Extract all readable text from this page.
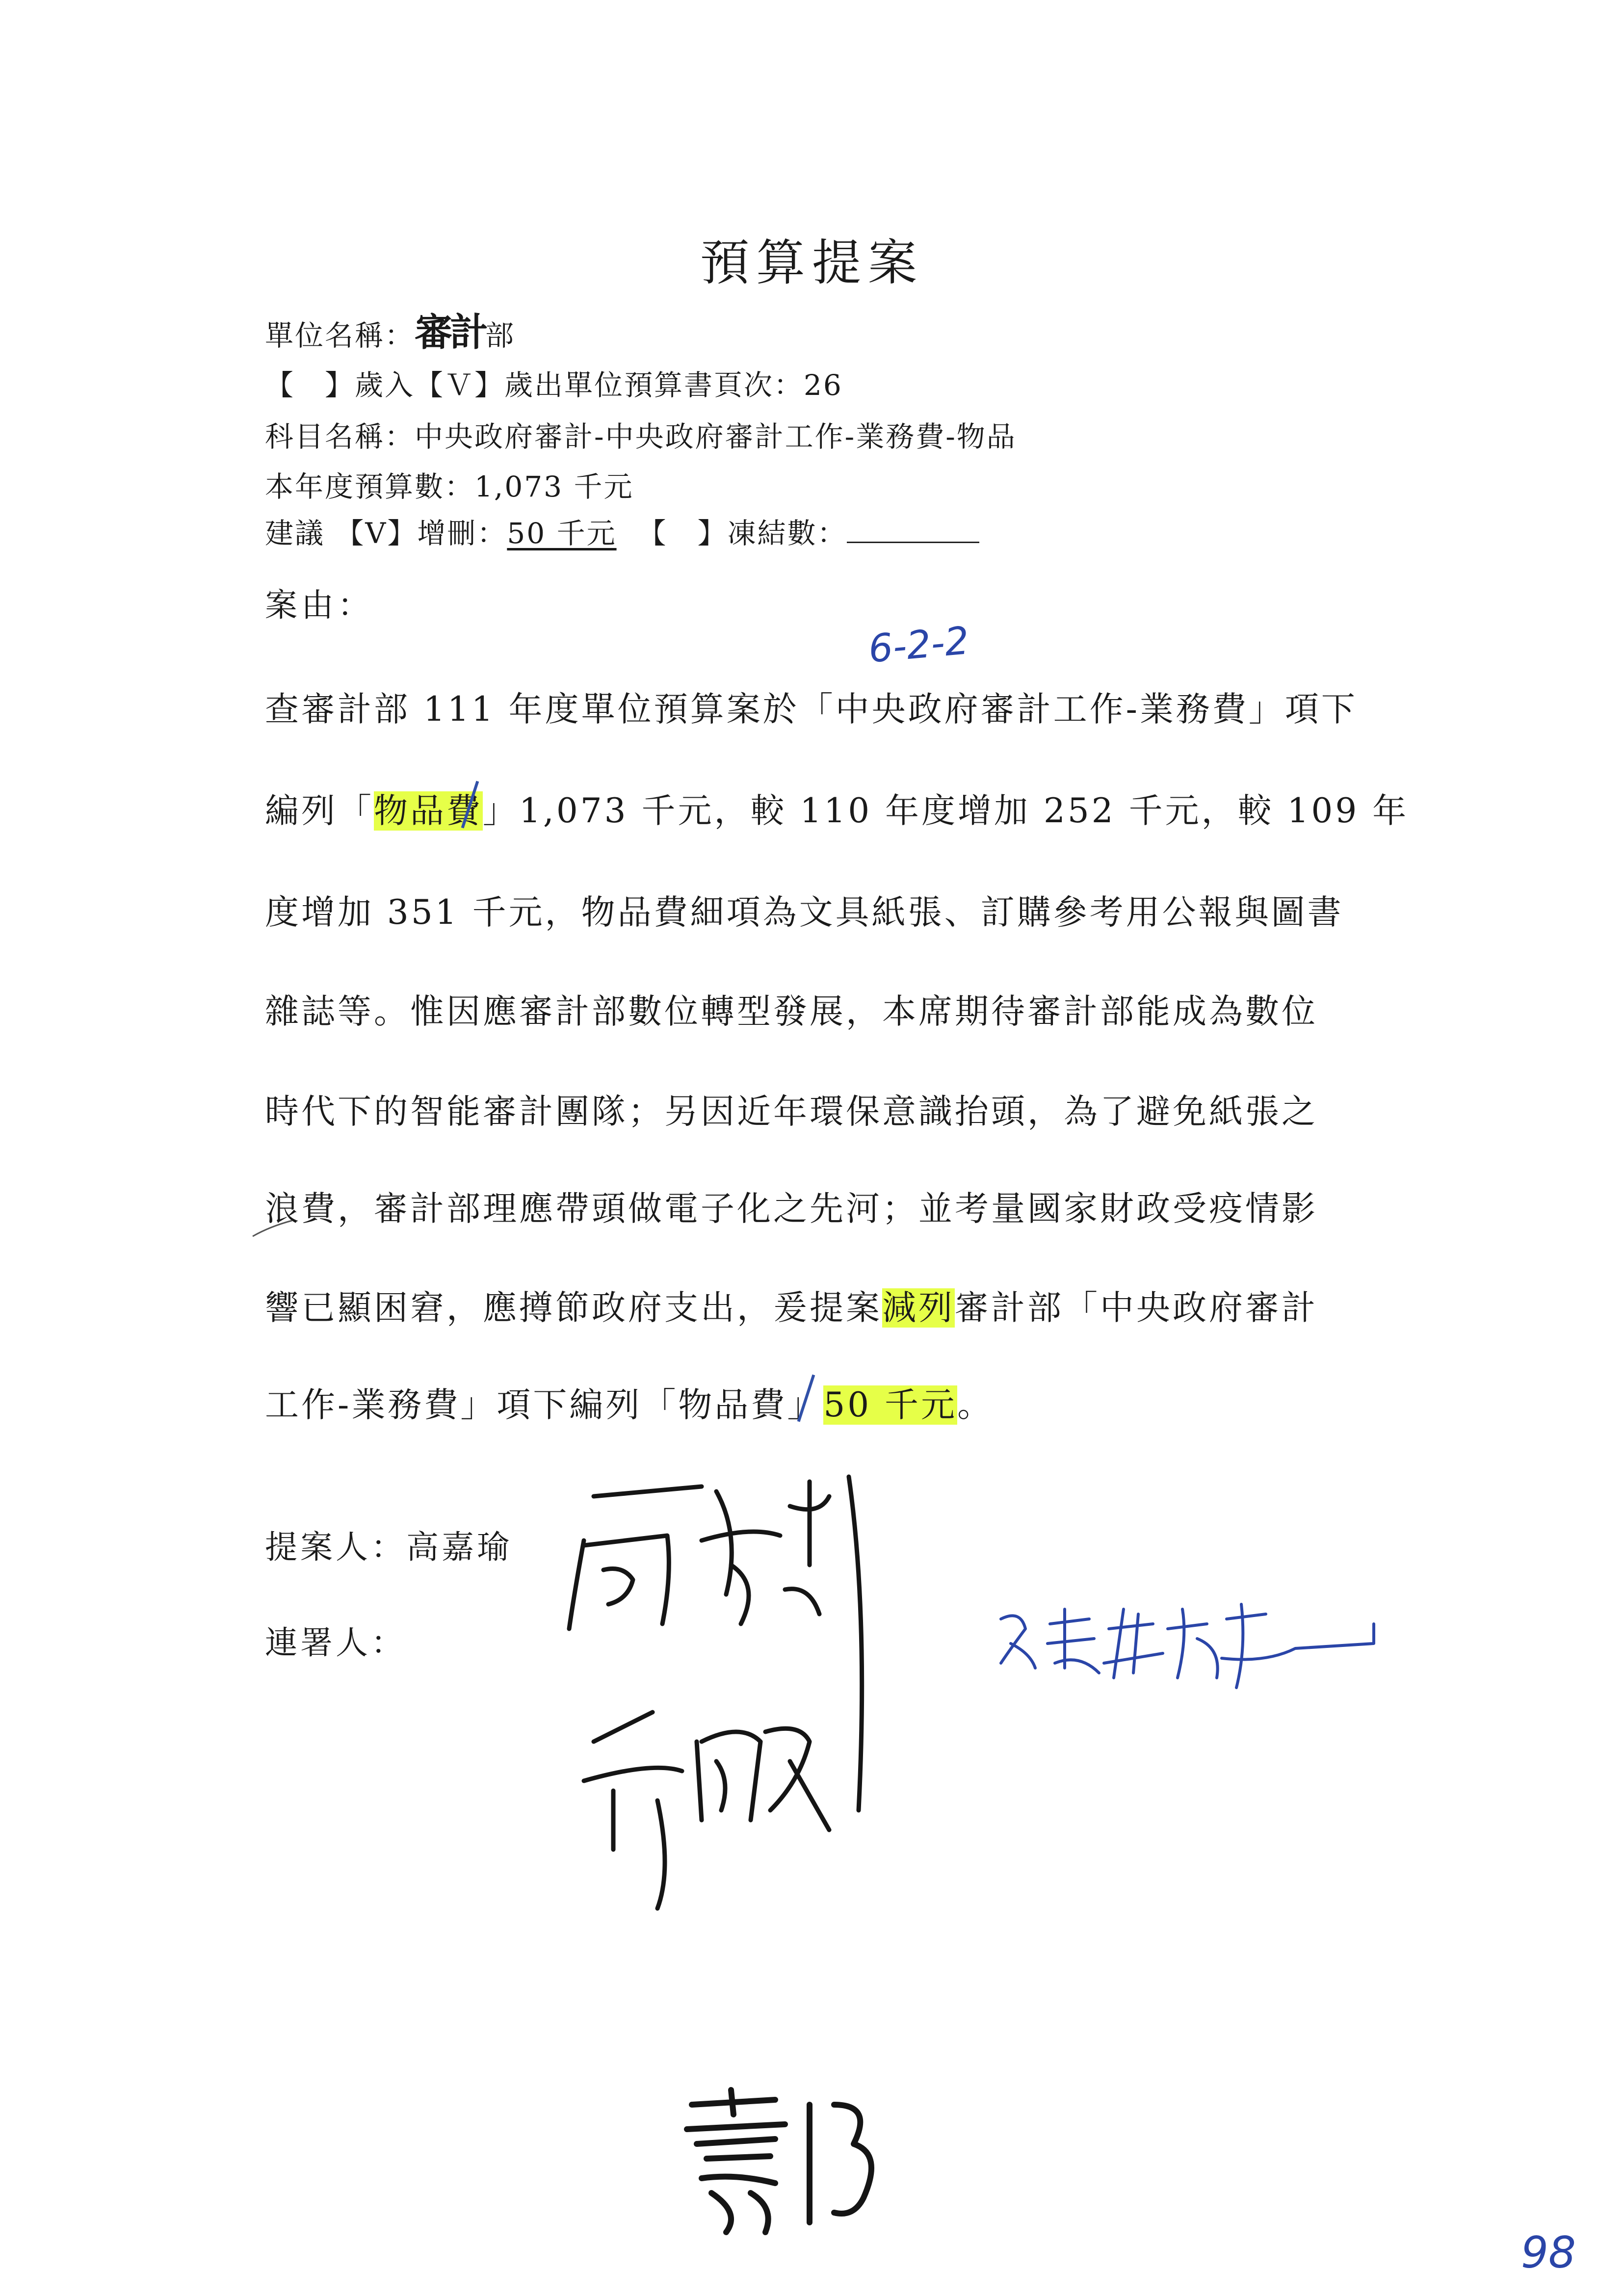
預算提案
單位名稱：審計部
【　】歲入【Ｖ】歲出單位預算書頁次：26
科目名稱：中央政府審計-中央政府審計工作-業務費-物品
本年度預算數：1,073 千元
建議 【V】增刪：50 千元 【　】凍結數：
案由：
6-2-2
查審計部 111 年度單位預算案於「中央政府審計工作-業務費」項下
編列「物品費」1,073 千元，較 110 年度增加 252 千元，較 109 年
度增加 351 千元，物品費細項為文具紙張、訂購參考用公報與圖書
雜誌等。惟因應審計部數位轉型發展，本席期待審計部能成為數位
時代下的智能審計團隊；另因近年環保意識抬頭，為了避免紙張之
浪費，審計部理應帶頭做電子化之先河；並考量國家財政受疫情影
響已顯困窘，應撙節政府支出，爰提案減列審計部「中央政府審計
工作-業務費」項下編列「物品費」50 千元。
提案人：高嘉瑜
連署人：
98
